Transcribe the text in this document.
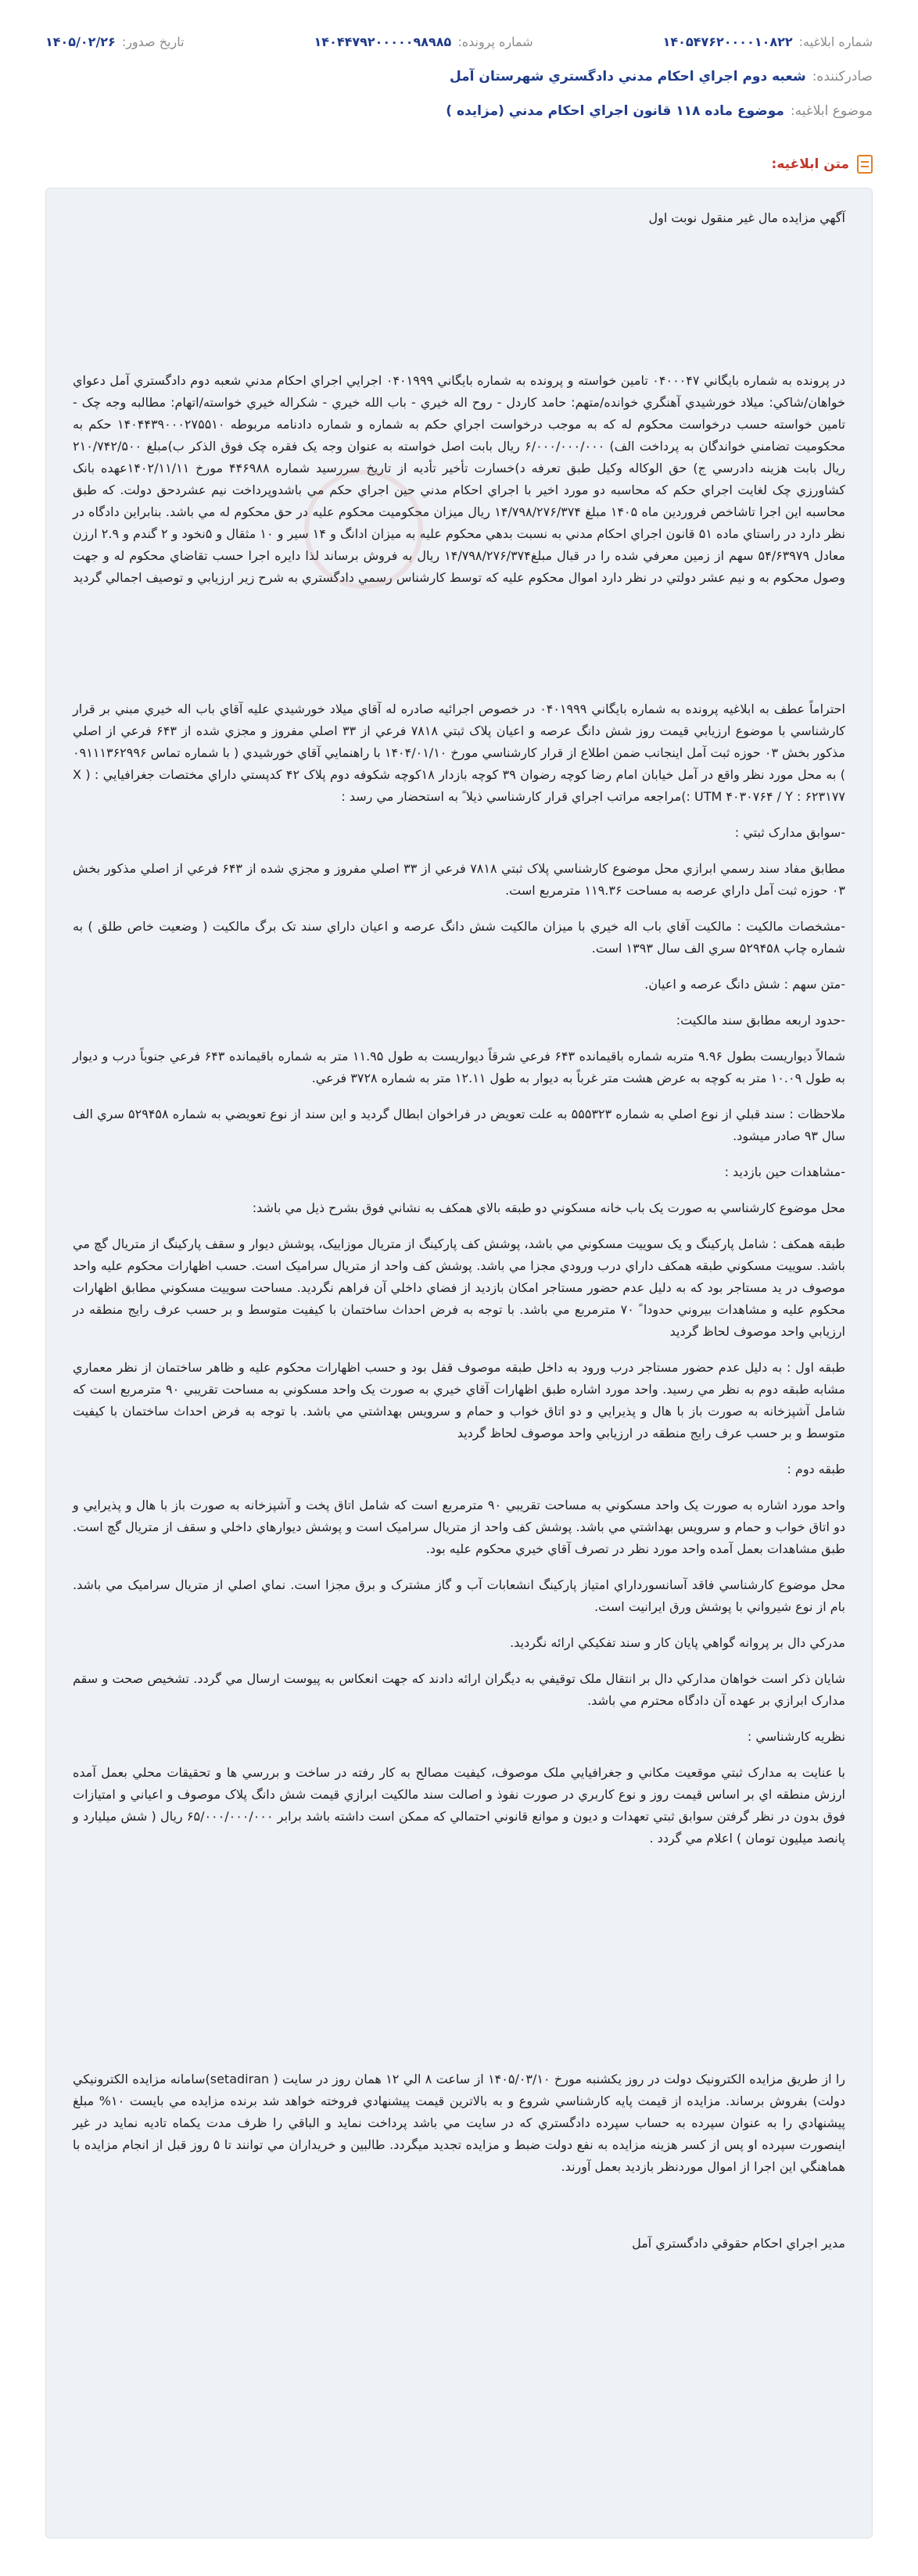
شماره ابلاغيه:
۱۴۰۵۴۷۶۲۰۰۰۰۱۰۸۲۲
شماره پرونده:
۱۴۰۴۴۷۹۲۰۰۰۰۰۹۸۹۸۵
تاريخ صدور:
۱۴۰۵/۰۲/۲۶
صادرکننده:
شعبه دوم اجراي احکام مدني دادگستري شهرستان آمل
موضوع ابلاغيه:
موضوع ماده ۱۱۸ قانون اجراي احکام مدني (مزايده )
متن ابلاغيه:

آگهي مزايده مال غير منقول نوبت اول

در پرونده به شماره بايگاني ۰۴۰۰۰۴۷ تامين خواسته و پرونده به شماره بايگاني ۰۴۰۱۹۹۹ اجرايي اجراي احکام مدني شعبه دوم دادگستري آمل دعواي خواهان/شاکي: ميلاد خورشيدي آهنگري خوانده/متهم: حامد کاردل - روح اله خيري - باب الله خيري - شکراله خيري خواسته/اتهام: مطالبه وجه چک - تامين خواسته حسب درخواست محکوم له که به موجب درخواست اجراي حکم به شماره و شماره دادنامه مربوطه ۱۴۰۴۴۳۹۰۰۰۲۷۵۵۱۰ حکم به محکوميت تضامني خواندگان به پرداخت الف) ۶/۰۰۰/۰۰۰/۰۰۰ ريال بابت اصل خواسته به عنوان وجه يک فقره چک فوق الذکر ب)مبلغ ۲۱۰/۷۴۲/۵۰۰ ريال بابت هزينه دادرسي ج) حق الوکاله وکيل طبق تعرفه د)خسارت تأخير تأديه از تاريخ سررسيد شماره ۴۴۶۹۸۸ مورخ ۱۴۰۲/۱۱/۱۱عهده بانک کشاورزي چک لغايت اجراي حکم که محاسبه دو مورد اخير با اجراي احکام مدني حين اجراي حکم مي باشدوپرداخت نيم عشردحق دولت. که طبق محاسبه اين اجرا تاشاخص فروردين ماه ۱۴۰۵ مبلغ ۱۴/۷۹۸/۲۷۶/۳۷۴ ريال ميزان محکوميت محکوم عليه در حق محکوم له مي باشد. بنابراين دادگاه در نظر دارد در راستاي ماده ۵۱ قانون اجراي احکام مدني به نسبت بدهي محکوم عليه به ميزان ادانگ و ۱۴ سير و ۱۰ مثقال و ۵نخود و ۲ گندم و ۲.۹ ارزن معادل ۵۴/۶۳۹۷۹ سهم از زمين معرفي شده را در قبال مبلغ۱۴/۷۹۸/۲۷۶/۳۷۴ ريال به فروش برساند لذا دايره اجرا حسب تقاضاي محکوم له و جهت وصول محکوم به و نيم عشر دولتي در نظر دارد اموال محکوم عليه که توسط کارشناس رسمي دادگستري به شرح زير ارزيابي و توصيف اجمالي گرديد

احتراماً عطف به ابلاغيه پرونده به شماره بايگاني ۰۴۰۱۹۹۹ در خصوص اجرائيه صادره له آقاي ميلاد خورشيدي عليه آقاي باب اله خيري مبني بر قرار کارشناسي با موضوع ارزيابي قيمت روز شش دانگ عرصه و اعيان پلاک ثبتي ۷۸۱۸ فرعي از ۳۳ اصلي مفروز و مجزي شده از ۶۴۳ فرعي از اصلي مذکور بخش ۰۳ حوزه ثبت آمل اينجانب ضمن اطلاع از قرار کارشناسي مورخ ۱۴۰۴/۰۱/۱۰ با راهنمايي آقاي خورشيدي ( با شماره تماس ۰۹۱۱۱۳۶۲۹۹۶ ) به محل مورد نظر واقع در آمل خيابان امام رضا کوچه رضوان ۳۹ کوچه بازدار ۱۸کوچه شکوفه دوم پلاک ۴۲ کدپستي داراي مختصات جغرافيايي : ( X : UTM ۴۰۳۰۷۶۴ / Y : ۶۲۳۱۷۷)مراجعه مراتب اجراي قرار کارشناسي ذيلا ً به استحضار مي رسد :

-سوابق مدارک ثبتي :

مطابق مفاد سند رسمي ابرازي محل موضوع کارشناسي پلاک ثبتي ۷۸۱۸ فرعي از ۳۳ اصلي مفروز و مجزي شده از ۶۴۳ فرعي از اصلي مذکور بخش ۰۳ حوزه ثبت آمل داراي عرصه به مساحت ۱۱۹.۳۶ مترمربع است.

-مشخصات مالکيت : مالکيت آقاي باب اله خيري با ميزان مالکيت شش دانگ عرصه و اعيان داراي سند تک برگ مالکيت ( وضعيت خاص طلق ) به شماره چاپ ۵۲۹۴۵۸ سري الف سال ۱۳۹۳ است.

-متن سهم : شش دانگ عرصه و اعيان.

-حدود اربعه مطابق سند مالکيت:

شمالاً ديواريست بطول ۹.۹۶ متربه شماره باقيمانده ۶۴۳ فرعي شرقاً ديواريست به طول ۱۱.۹۵ متر به شماره باقيمانده ۶۴۳ فرعي جنوباً درب و ديوار به طول ۱۰.۰۹ متر به کوچه به عرض هشت متر غرباً به ديوار به طول ۱۲.۱۱ متر به شماره ۳۷۲۸ فرعي.

ملاحظات : سند قبلي از نوع اصلي به شماره ۵۵۵۳۲۳ به علت تعويض در فراخوان ابطال گرديد و اين سند از نوع تعويضي به شماره ۵۲۹۴۵۸ سري الف سال ۹۳ صادر ميشود.

-مشاهدات حين بازديد :

محل موضوع کارشناسي به صورت يک باب خانه مسکوني دو طبقه بالاي همکف به نشاني فوق بشرح ذيل مي باشد:

طبقه همکف : شامل پارکينگ و يک سوييت مسکوني مي باشد، پوشش کف پارکينگ از متريال موزاييک، پوشش ديوار و سقف پارکينگ از متريال گچ مي باشد. سوييت مسکوني طبقه همکف داراي درب ورودي مجزا مي باشد. پوشش کف واحد از متريال سراميک است. حسب اظهارات محکوم عليه واحد موصوف در يد مستاجر بود که به دليل عدم حضور مستاجر امکان بازديد از فضاي داخلي آن فراهم نگرديد. مساحت سوييت مسکوني مطابق اظهارات محکوم عليه و مشاهدات بيروني حدودا ً ۷۰ مترمربع مي باشد. با توجه به فرض احداث ساختمان با کيفيت متوسط و بر حسب عرف رايج منطقه در ارزيابي واحد موصوف لحاظ گرديد

طبقه اول : به دليل عدم حضور مستاجر درب ورود به داخل طبقه موصوف قفل بود و حسب اظهارات محکوم عليه و ظاهر ساختمان از نظر معماري مشابه طبقه دوم به نظر مي رسيد. واحد مورد اشاره طبق اظهارات آقاي خيري به صورت يک واحد مسکوني به مساحت تقريبي ۹۰ مترمربع است که شامل آشپزخانه به صورت باز با هال و پذيرايي و دو اتاق خواب و حمام و سرويس بهداشتي مي باشد. با توجه به فرض احداث ساختمان با کيفيت متوسط و بر حسب عرف رايج منطقه در ارزيابي واحد موصوف لحاظ گرديد

طبقه دوم :

واحد مورد اشاره به صورت يک واحد مسکوني به مساحت تقريبي ۹۰ مترمربع است که شامل اتاق پخت و آشپزخانه به صورت باز با هال و پذيرايي و دو اتاق خواب و حمام و سرويس بهداشتي مي باشد. پوشش کف واحد از متريال سراميک است و پوشش ديوارهاي داخلي و سقف از متريال گچ است. طبق مشاهدات بعمل آمده واحد مورد نظر در تصرف آقاي خيري محکوم عليه بود.

محل موضوع کارشناسي فاقد آسانسورداراي امتياز پارکينگ انشعابات آب و گاز مشترک و برق مجزا است. نماي اصلي از متريال سراميک مي باشد. بام از نوع شيرواني با پوشش ورق ايرانيت است.

مدرکي دال بر پروانه گواهي پايان کار و سند تفکيکي ارائه نگرديد.

شايان ذکر است خواهان مدارکي دال بر انتقال ملک توقيفي به ديگران ارائه دادند که جهت انعکاس به پيوست ارسال مي گردد. تشخيص صحت و سقم مدارک ابرازي بر عهده آن دادگاه محترم مي باشد.

نظريه کارشناسي :

با عنايت به مدارک ثبتي موقعيت مکاني و جغرافيايي ملک موصوف، کيفيت مصالح به کار رفته در ساخت و بررسي ها و تحقيقات محلي بعمل آمده ارزش منطقه اي بر اساس قيمت روز و نوع کاربري در صورت نفوذ و اصالت سند مالکيت ابرازي قيمت شش دانگ پلاک موصوف و اعياني و امتيازات فوق بدون در نظر گرفتن سوابق ثبتي تعهدات و ديون و موانع قانوني احتمالي که ممکن است داشته باشد برابر ۶۵/۰۰۰/۰۰۰/۰۰۰ ريال ( شش ميليارد و پانصد ميليون تومان ) اعلام مي گردد .

را از طريق مزايده الکترونيک دولت در روز يکشنبه مورخ ۱۴۰۵/۰۳/۱۰ از ساعت ۸ الي ۱۲ همان روز در سايت ( setadiran)سامانه مزايده الکترونيکي دولت) بفروش برساند. مزايده از قيمت پايه کارشناسي شروع و به بالاترين قيمت پيشنهادي فروخته خواهد شد برنده مزايده مي بايست ۱۰% مبلغ پيشنهادي را به عنوان سپرده به حساب سپرده دادگستري که در سايت مي باشد پرداخت نمايد و الباقي را ظرف مدت يکماه تاديه نمايد در غير اينصورت سپرده او پس از کسر هزينه مزايده به نفع دولت ضبط و مزايده تجديد ميگردد. طالبين و خريداران مي توانند تا ۵ روز قبل از انجام مزايده با هماهنگي اين اجرا از اموال موردنظر بازديد بعمل آورند.

مدير اجراي احکام حقوقي دادگستري آمل
